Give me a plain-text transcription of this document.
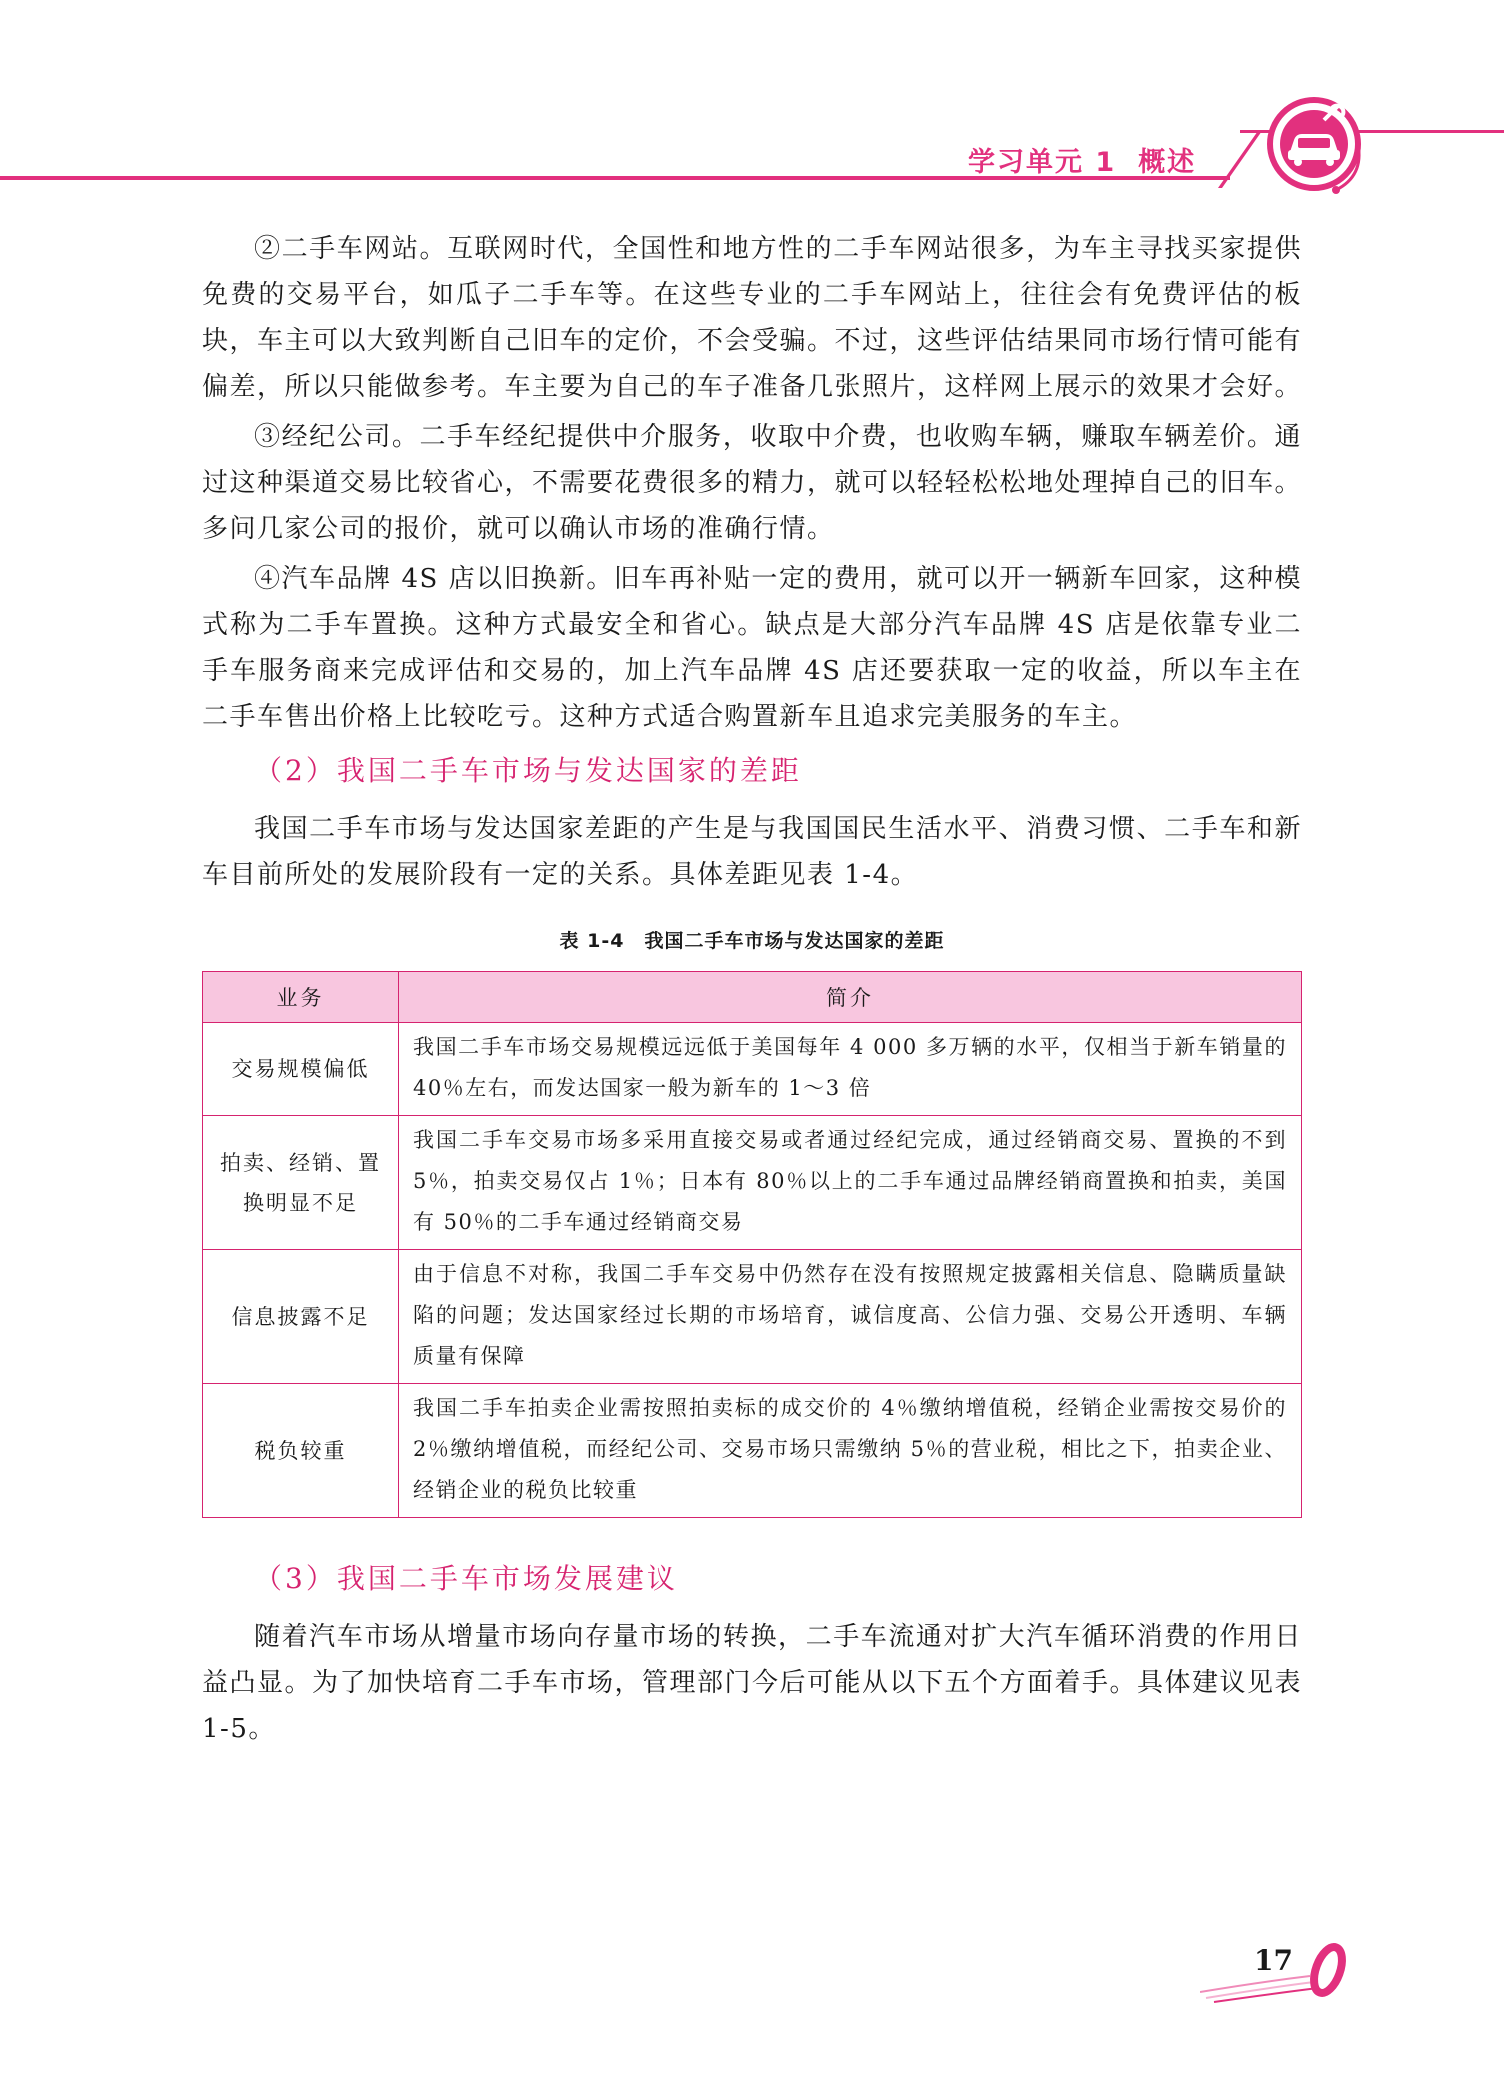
学习单元 1 概述

②二手车网站。互联网时代，全国性和地方性的二手车网站很多，为车主寻找买家提供免费的交易平台，如瓜子二手车等。在这些专业的二手车网站上，往往会有免费评估的板块，车主可以大致判断自己旧车的定价，不会受骗。不过，这些评估结果同市场行情可能有偏差，所以只能做参考。车主要为自己的车子准备几张照片，这样网上展示的效果才会好。

③经纪公司。二手车经纪提供中介服务，收取中介费，也收购车辆，赚取车辆差价。通过这种渠道交易比较省心，不需要花费很多的精力，就可以轻轻松松地处理掉自己的旧车。多问几家公司的报价，就可以确认市场的准确行情。

④汽车品牌 4S 店以旧换新。旧车再补贴一定的费用，就可以开一辆新车回家，这种模式称为二手车置换。这种方式最安全和省心。缺点是大部分汽车品牌 4S 店是依靠专业二手车服务商来完成评估和交易的，加上汽车品牌 4S 店还要获取一定的收益，所以车主在二手车售出价格上比较吃亏。这种方式适合购置新车且追求完美服务的车主。

（2）我国二手车市场与发达国家的差距

我国二手车市场与发达国家差距的产生是与我国国民生活水平、消费习惯、二手车和新车目前所处的发展阶段有一定的关系。具体差距见表 1-4。

表 1-4　我国二手车市场与发达国家的差距
业务	简介
交易规模偏低	我国二手车市场交易规模远远低于美国每年 4 000 多万辆的水平，仅相当于新车销量的 40％左右，而发达国家一般为新车的 1～3 倍
拍卖、经销、置换明显不足	我国二手车交易市场多采用直接交易或者通过经纪完成，通过经销商交易、置换的不到 5％，拍卖交易仅占 1％；日本有 80％以上的二手车通过品牌经销商置换和拍卖，美国有 50％的二手车通过经销商交易
信息披露不足	由于信息不对称，我国二手车交易中仍然存在没有按照规定披露相关信息、隐瞒质量缺陷的问题；发达国家经过长期的市场培育，诚信度高、公信力强、交易公开透明、车辆质量有保障
税负较重	我国二手车拍卖企业需按照拍卖标的成交价的 4％缴纳增值税，经销企业需按交易价的 2％缴纳增值税，而经纪公司、交易市场只需缴纳 5％的营业税，相比之下，拍卖企业、经销企业的税负比较重
（3）我国二手车市场发展建议

随着汽车市场从增量市场向存量市场的转换，二手车流通对扩大汽车循环消费的作用日益凸显。为了加快培育二手车市场，管理部门今后可能从以下五个方面着手。具体建议见表 1-5。

17
